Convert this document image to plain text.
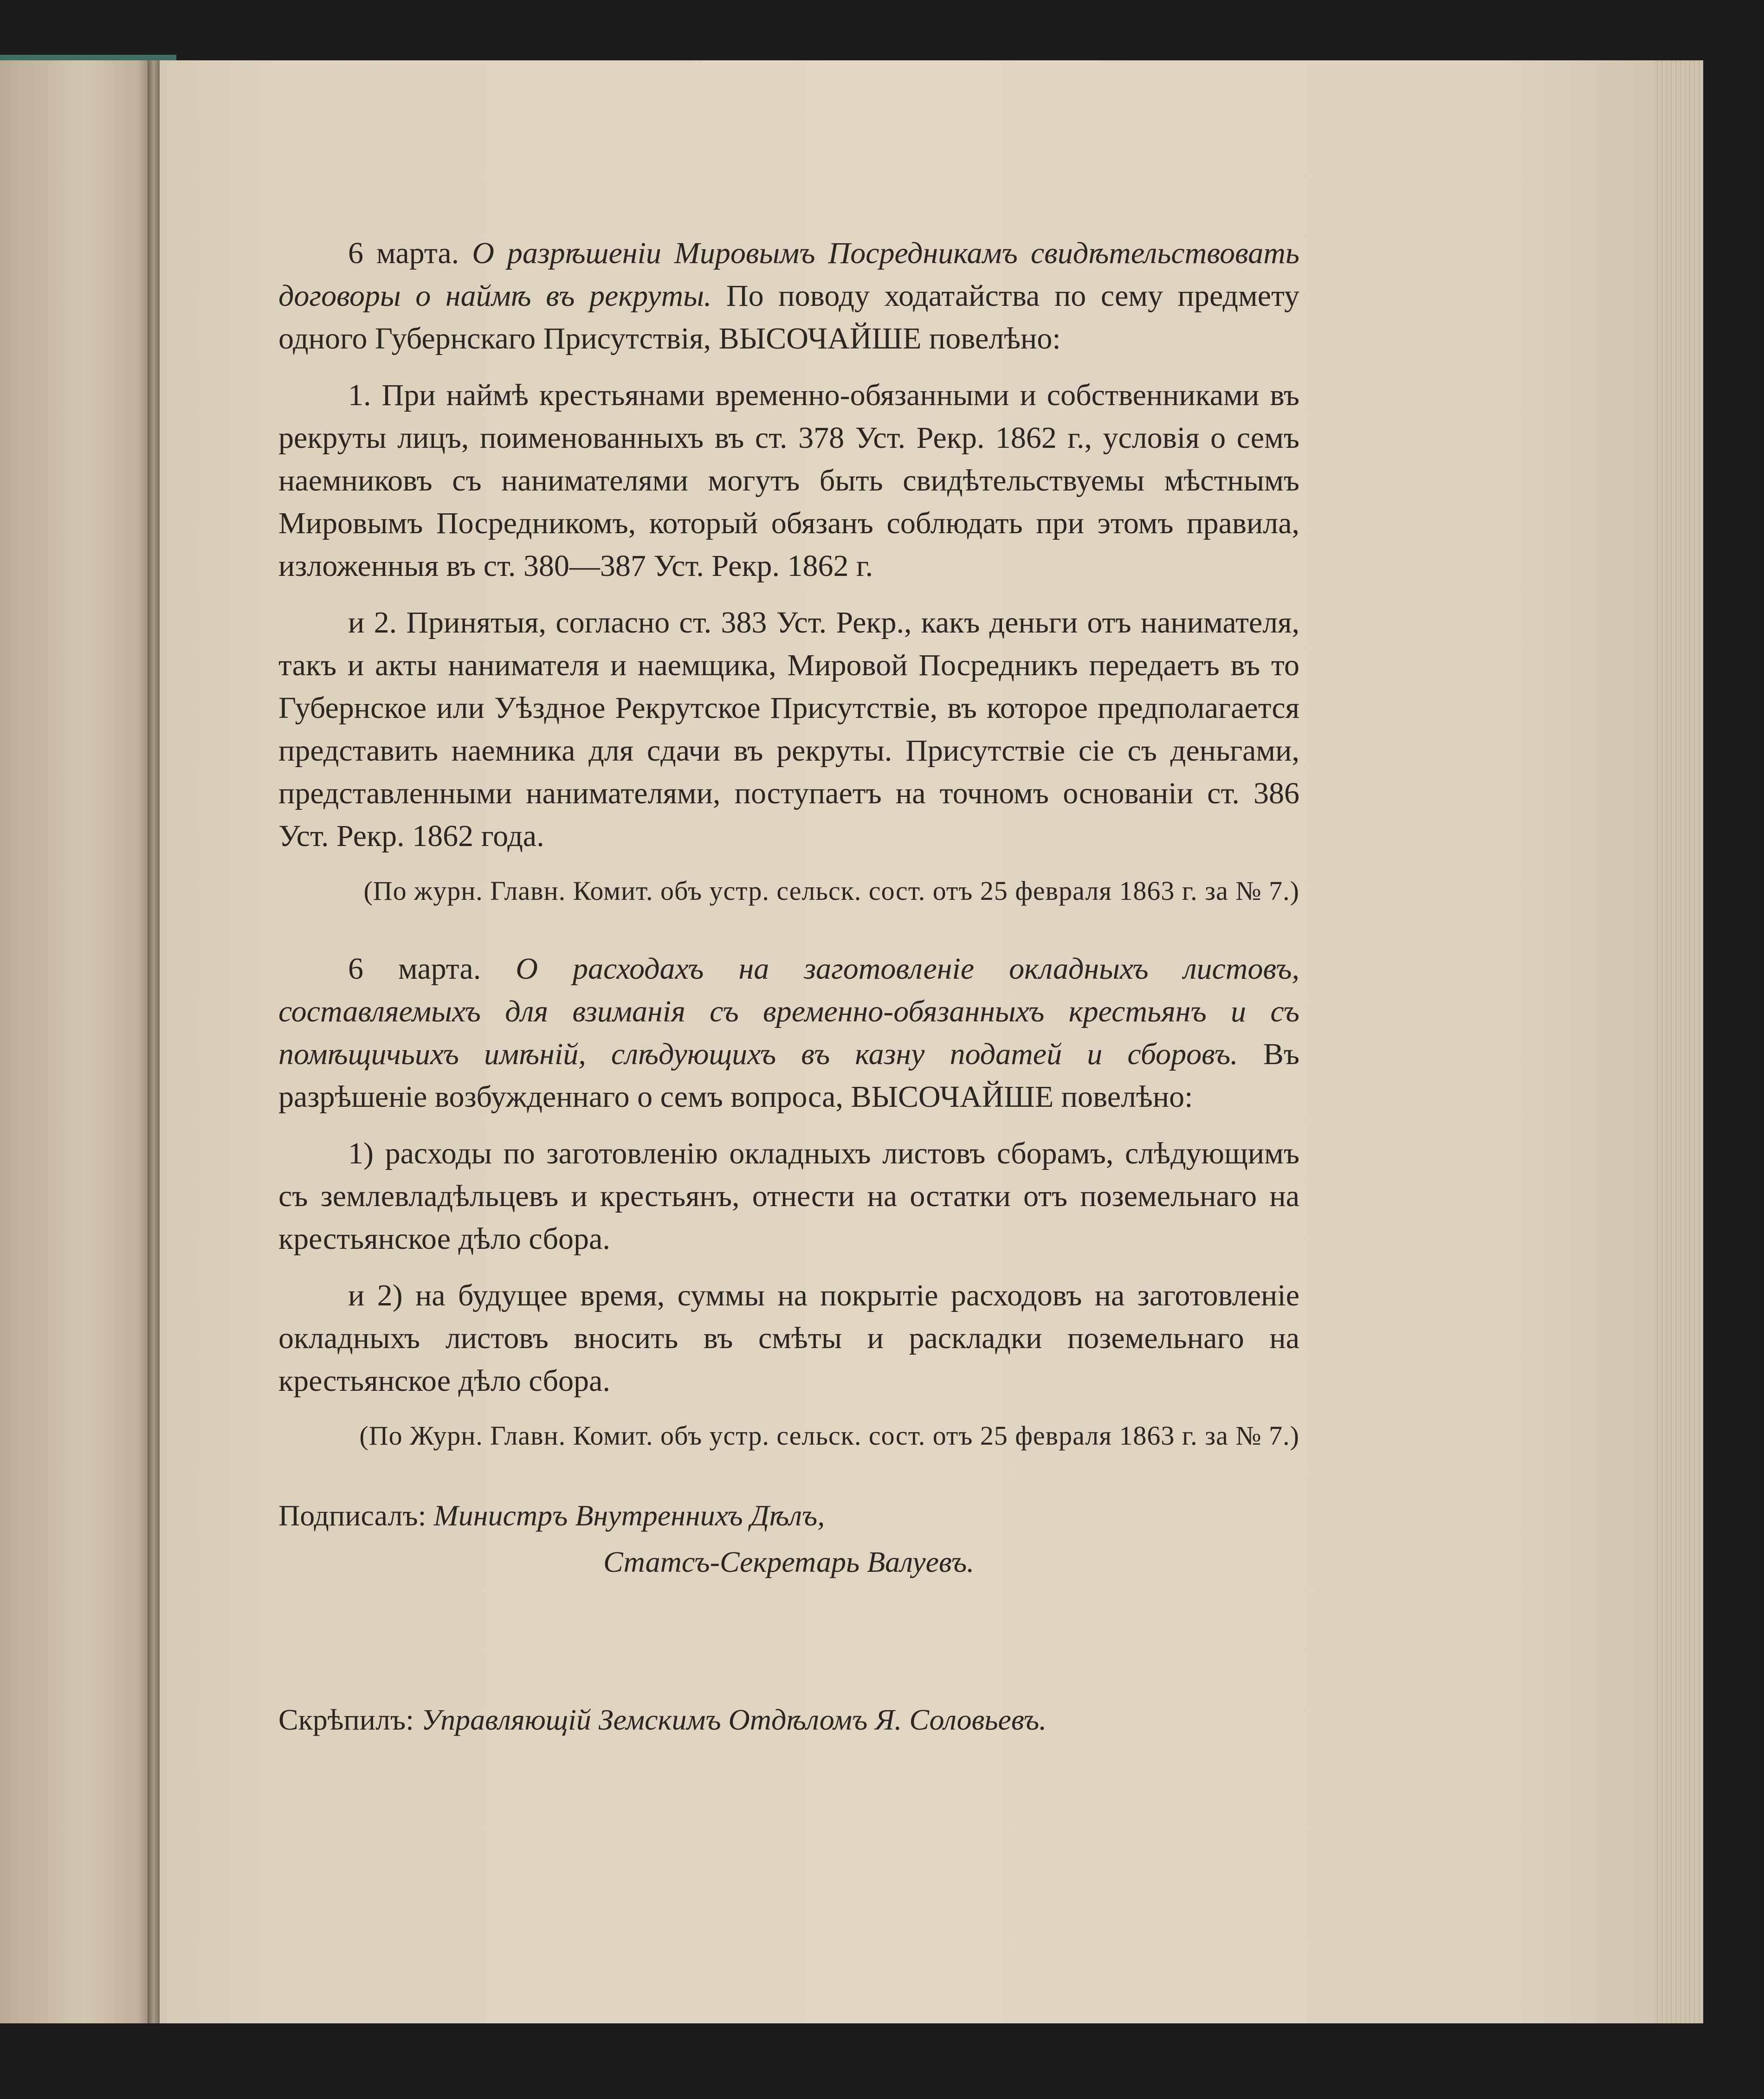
6 марта. О разрѣшеніи Мировымъ Посредникамъ свидѣтельствовать договоры о наймѣ въ рекруты. По поводу ходатайства по сему предмету одного Губернскаго Присутствія, ВЫСОЧАЙШЕ повелѣно:

1. При наймѣ крестьянами временно-обязанными и собственниками въ рекруты лицъ, поименованныхъ въ ст. 378 Уст. Рекр. 1862 г., условія о семъ наемниковъ съ нанимателями могутъ быть свидѣтельствуемы мѣстнымъ Мировымъ Посредникомъ, который обязанъ соблюдать при этомъ правила, изложенныя въ ст. 380—387 Уст. Рекр. 1862 г.

и 2. Принятыя, согласно ст. 383 Уст. Рекр., какъ деньги отъ нанимателя, такъ и акты нанимателя и наемщика, Мировой Посредникъ передаетъ въ то Губернское или Уѣздное Рекрутское Присутствіе, въ которое предполагается представить наемника для сдачи въ рекруты. Присутствіе сіе съ деньгами, представленными нанимателями, поступаетъ на точномъ основаніи ст. 386 Уст. Рекр. 1862 года.

(По журн. Главн. Комит. объ устр. сельск. сост. отъ 25 февраля 1863 г. за № 7.)

6 марта. О расходахъ на заготовленіе окладныхъ листовъ, составляемыхъ для взиманія съ временно-обязанныхъ крестьянъ и съ помѣщичьихъ имѣній, слѣдующихъ въ казну податей и сборовъ. Въ разрѣшеніе возбужденнаго о семъ вопроса, ВЫСОЧАЙШЕ повелѣно:

1) расходы по заготовленію окладныхъ листовъ сборамъ, слѣдующимъ съ землевладѣльцевъ и крестьянъ, отнести на остатки отъ поземельнаго на крестьянское дѣло сбора.

и 2) на будущее время, суммы на покрытіе расходовъ на заготовленіе окладныхъ листовъ вносить въ смѣты и раскладки поземельнаго на крестьянское дѣло сбора.

(По Журн. Главн. Комит. объ устр. сельск. сост. отъ 25 февраля 1863 г. за № 7.)

Подписалъ: Министръ Внутреннихъ Дѣлъ,
Статсъ-Секретарь Валуевъ.
Скрѣпилъ: Управляющій Земскимъ Отдѣломъ Я. Соловьевъ.
